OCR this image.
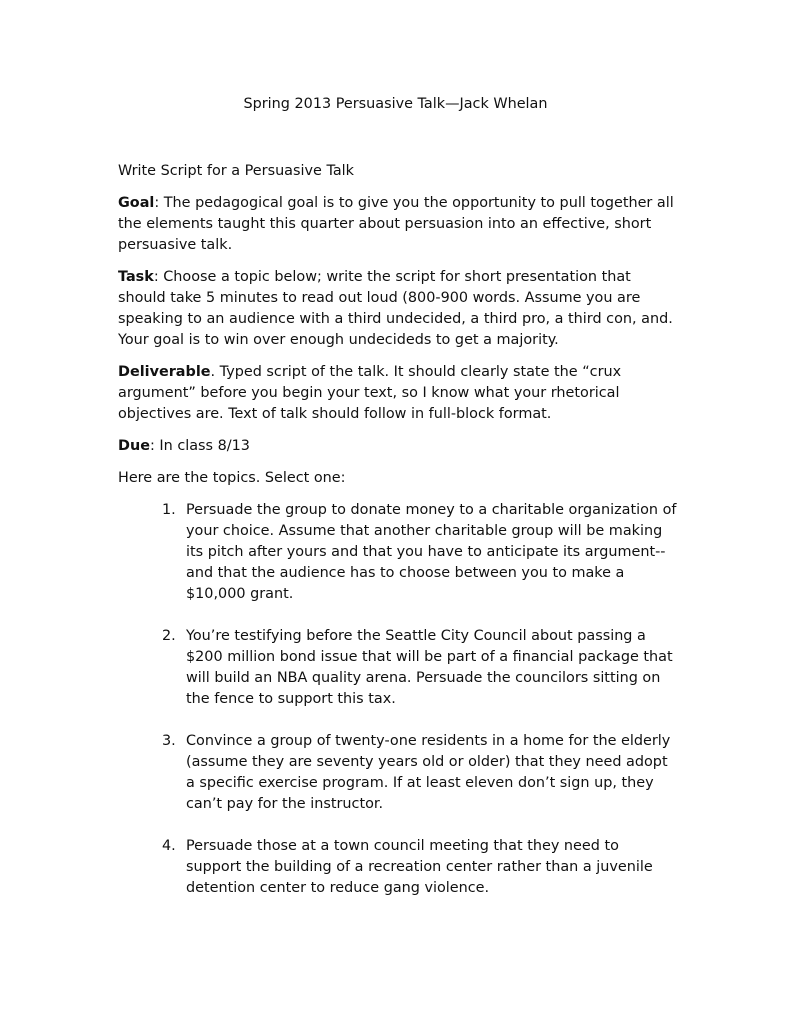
Spring 2013 Persuasive Talk—Jack Whelan

Write Script for a Persuasive Talk

Goal: The pedagogical goal is to give you the opportunity to pull together all the elements taught this quarter about persuasion into an effective, short persuasive talk.

Task: Choose a topic below; write the script for short presentation that should take 5 minutes to read out loud (800-900 words. Assume you are speaking to an audience with a third undecided, a third pro, a third con, and. Your goal is to win over enough undecideds to get a majority.

Deliverable. Typed script of the talk. It should clearly state the “crux argument” before you begin your text, so I know what your rhetorical objectives are. Text of talk should follow in full-block format.

Due: In class 8/13

Here are the topics. Select one:

1. Persuade the group to donate money to a charitable organization of your choice. Assume that another charitable group will be making its pitch after yours and that you have to anticipate its argument--and that the audience has to choose between you to make a $10,000 grant.
2. You’re testifying before the Seattle City Council about passing a $200 million bond issue that will be part of a financial package that will build an NBA quality arena. Persuade the councilors sitting on the fence to support this tax.
3. Convince a group of twenty-one residents in a home for the elderly (assume they are seventy years old or older) that they need adopt a specific exercise program. If at least eleven don’t sign up, they can’t pay for the instructor.
4. Persuade those at a town council meeting that they need to support the building of a recreation center rather than a juvenile detention center to reduce gang violence.
